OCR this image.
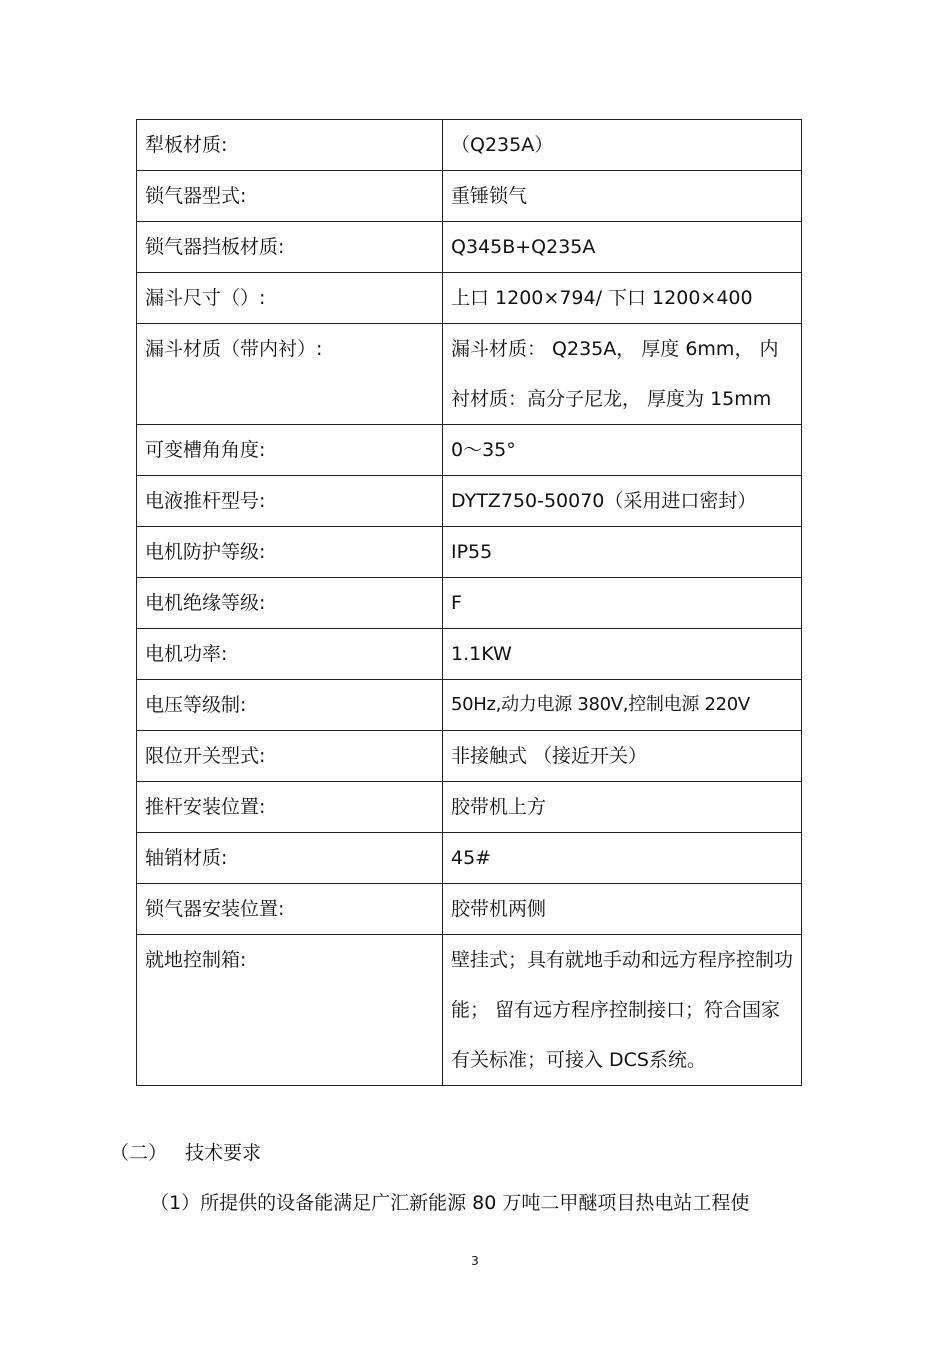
犁板材质:	（Q235A）
锁气器型式:	重锤锁气
锁气器挡板材质:	Q345B+Q235A
漏斗尺寸（）:	上口 1200×794/ 下口 1200×400
漏斗材质（带内衬）:	漏斗材质： Q235A， 厚度 6mm， 内衬材质：高分子尼龙， 厚度为 15mm
可变槽角角度:	0～35°
电液推杆型号:	DYTZ750-50070（采用进口密封）
电机防护等级:	IP55
电机绝缘等级:	F
电机功率:	1.1KW
电压等级制:	50Hz,动力电源 380V,控制电源 220V
限位开关型式:	非接触式 （接近开关）
推杆安装位置:	胶带机上方
轴销材质:	45#
锁气器安装位置:	胶带机两侧
就地控制箱:	壁挂式；具有就地手动和远方程序控制功能； 留有远方程序控制接口；符合国家有关标准；可接入 DCS系统。
（二）   技术要求
（1）所提供的设备能满足广汇新能源 80 万吨二甲醚项目热电站工程使
3
